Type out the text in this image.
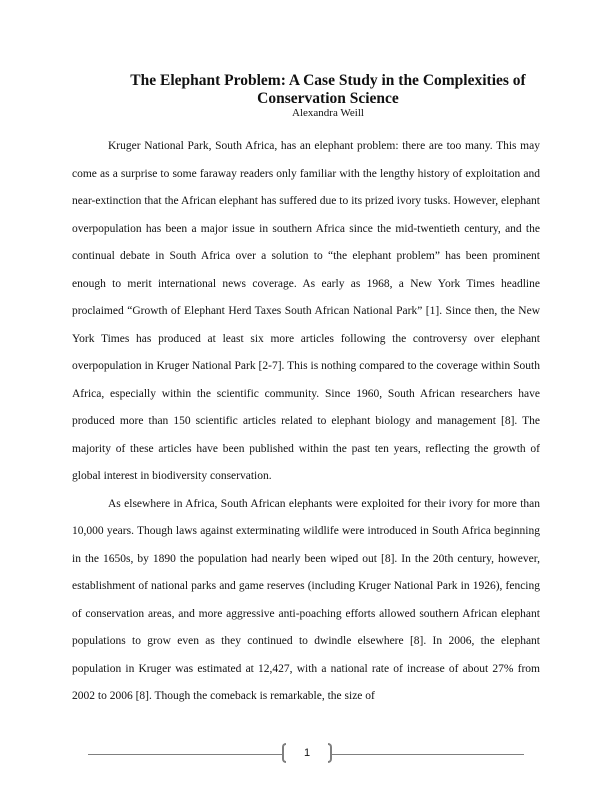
The Elephant Problem: A Case Study in the Complexities of Conservation Science
Alexandra Weill

Kruger National Park, South Africa, has an elephant problem: there are too many. This may come as a surprise to some faraway readers only familiar with the lengthy history of exploitation and near-extinction that the African elephant has suffered due to its prized ivory tusks. However, elephant overpopulation has been a major issue in southern Africa since the mid-twentieth century, and the continual debate in South Africa over a solution to “the elephant problem” has been prominent enough to merit international news coverage. As early as 1968, a New York Times headline proclaimed “Growth of Elephant Herd Taxes South African National Park” [1]. Since then, the New York Times has produced at least six more articles following the controversy over elephant overpopulation in Kruger National Park [2-7]. This is nothing compared to the coverage within South Africa, especially within the scientific community. Since 1960, South African researchers have produced more than 150 scientific articles related to elephant biology and management [8]. The majority of these articles have been published within the past ten years, reflecting the growth of global interest in biodiversity conservation.

As elsewhere in Africa, South African elephants were exploited for their ivory for more than 10,000 years. Though laws against exterminating wildlife were introduced in South Africa beginning in the 1650s, by 1890 the population had nearly been wiped out [8]. In the 20th century, however, establishment of national parks and game reserves (including Kruger National Park in 1926), fencing of conservation areas, and more aggressive anti-poaching efforts allowed southern African elephant populations to grow even as they continued to dwindle elsewhere [8]. In 2006, the elephant population in Kruger was estimated at 12,427, with a national rate of increase of about 27% from 2002 to 2006 [8]. Though the comeback is remarkable, the size of

1
